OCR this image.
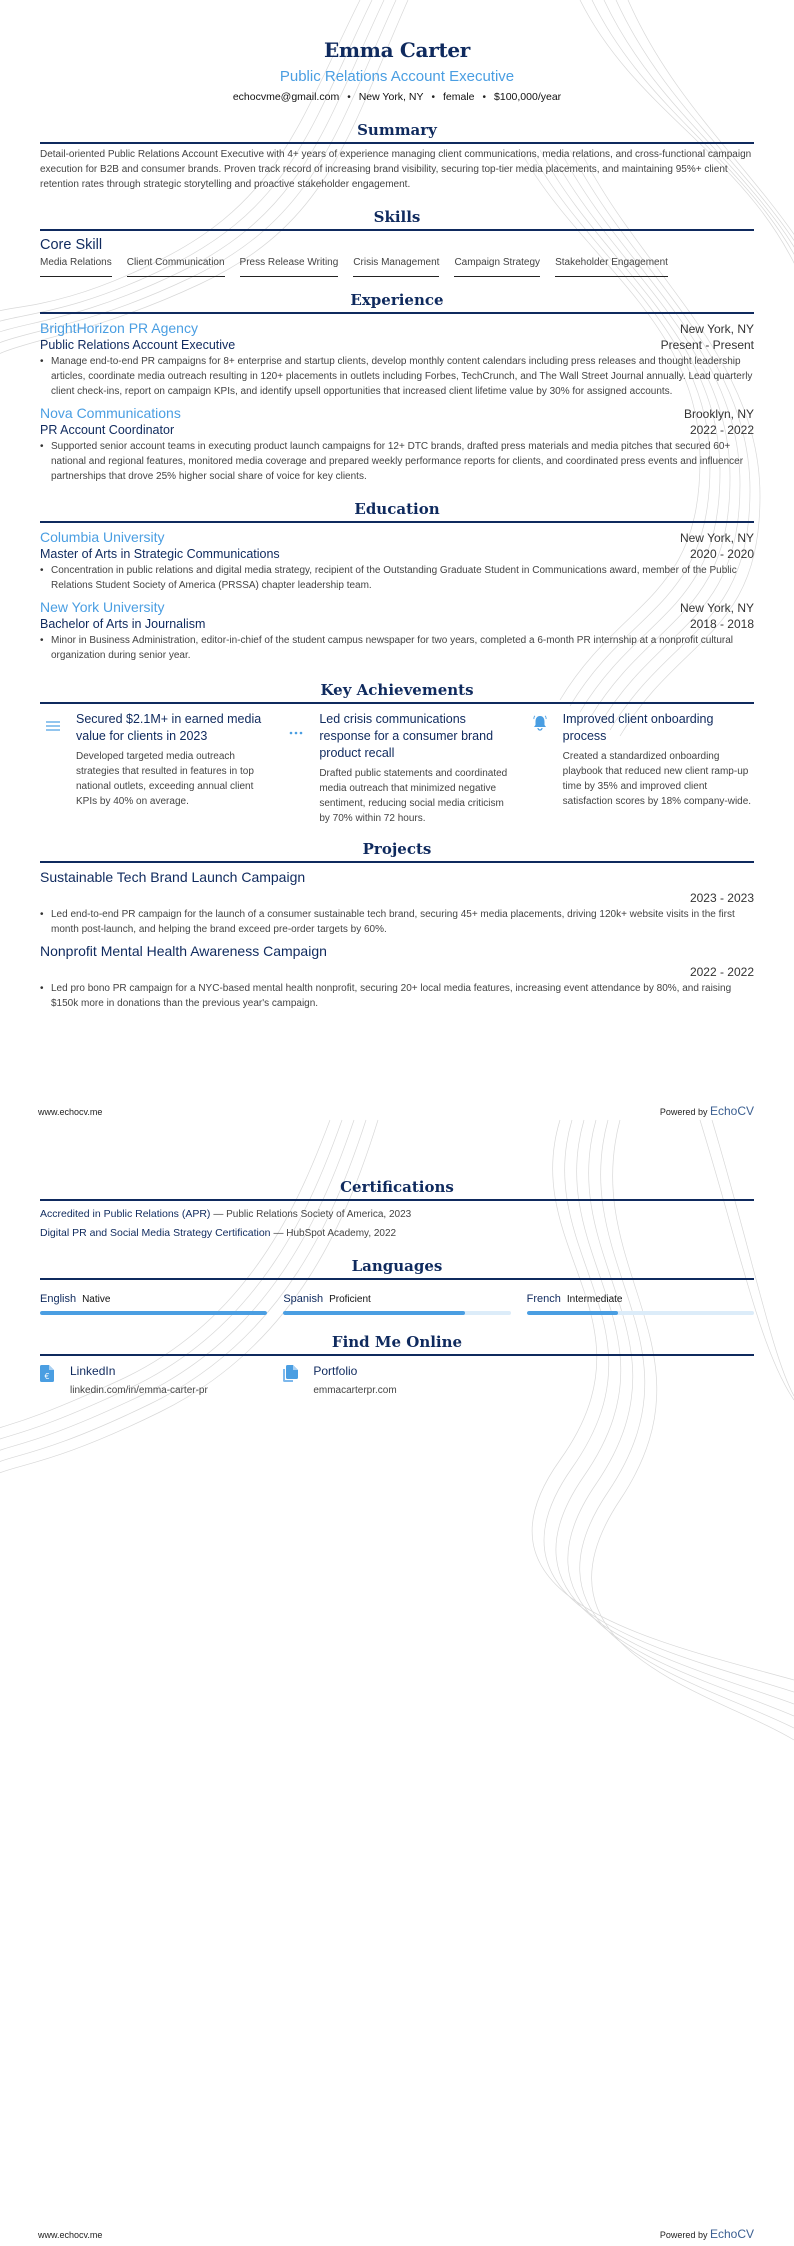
Emma Carter
Public Relations Account Executive
echocvme@gmail.com • New York, NY • female • $100,000/year
Summary
Detail-oriented Public Relations Account Executive with 4+ years of experience managing client communications, media relations, and cross-functional campaign execution for B2B and consumer brands. Proven track record of increasing brand visibility, securing top-tier media placements, and maintaining 95%+ client retention rates through strategic storytelling and proactive stakeholder engagement.
Skills
Core Skill
Media Relations Client Communication Press Release Writing Crisis Management Campaign Strategy Stakeholder Engagement
Experience
BrightHorizon PR Agency	New York, NY
Public Relations Account Executive	Present - Present
• Manage end-to-end PR campaigns for 8+ enterprise and startup clients, develop monthly content calendars including press releases and thought leadership articles, coordinate media outreach resulting in 120+ placements in outlets including Forbes, TechCrunch, and The Wall Street Journal annually. Lead quarterly client check-ins, report on campaign KPIs, and identify upsell opportunities that increased client lifetime value by 30% for assigned accounts.
Nova Communications	Brooklyn, NY
PR Account Coordinator	2022 - 2022
• Supported senior account teams in executing product launch campaigns for 12+ DTC brands, drafted press materials and media pitches that secured 60+ national and regional features, monitored media coverage and prepared weekly performance reports for clients, and coordinated press events and influencer partnerships that drove 25% higher social share of voice for key clients.
Education
Columbia University	New York, NY
Master of Arts in Strategic Communications	2020 - 2020
• Concentration in public relations and digital media strategy, recipient of the Outstanding Graduate Student in Communications award, member of the Public Relations Student Society of America (PRSSA) chapter leadership team.
New York University	New York, NY
Bachelor of Arts in Journalism	2018 - 2018
• Minor in Business Administration, editor-in-chief of the student campus newspaper for two years, completed a 6-month PR internship at a nonprofit cultural organization during senior year.
Key Achievements
Secured $2.1M+ in earned media value for clients in 2023
Developed targeted media outreach strategies that resulted in features in top national outlets, exceeding annual client KPIs by 40% on average.
Led crisis communications response for a consumer brand product recall
Drafted public statements and coordinated media outreach that minimized negative sentiment, reducing social media criticism by 70% within 72 hours.
Improved client onboarding process
Created a standardized onboarding playbook that reduced new client ramp-up time by 35% and improved client satisfaction scores by 18% company-wide.
Projects
Sustainable Tech Brand Launch Campaign
2023 - 2023
• Led end-to-end PR campaign for the launch of a consumer sustainable tech brand, securing 45+ media placements, driving 120k+ website visits in the first month post-launch, and helping the brand exceed pre-order targets by 60%.
Nonprofit Mental Health Awareness Campaign
2022 - 2022
• Led pro bono PR campaign for a NYC-based mental health nonprofit, securing 20+ local media features, increasing event attendance by 80%, and raising $150k more in donations than the previous year's campaign.
www.echocv.me	Powered by EchoCV
Certifications
Accredited in Public Relations (APR) — Public Relations Society of America, 2023
Digital PR and Social Media Strategy Certification — HubSpot Academy, 2022
Languages
English Native	Spanish Proficient	French Intermediate
Find Me Online
€ LinkedIn
linkedin.com/in/emma-carter-pr
Portfolio
emmacarterpr.com
www.echocv.me	Powered by EchoCV
